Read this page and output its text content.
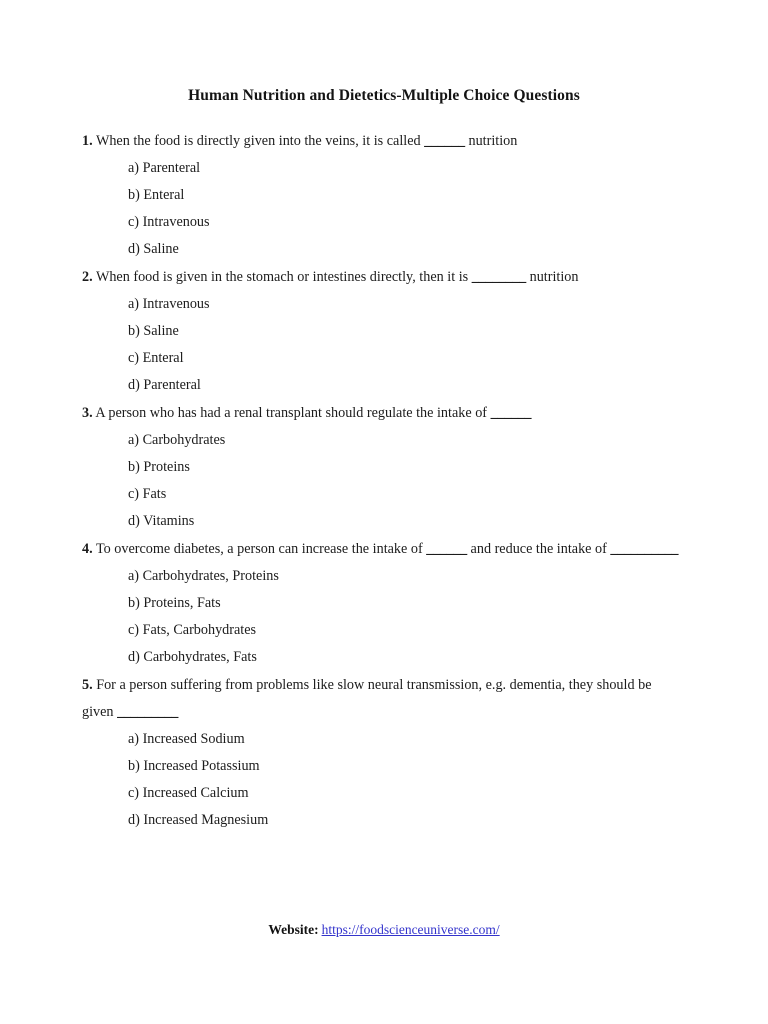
Human Nutrition and Dietetics-Multiple Choice Questions

1. When the food is directly given into the veins, it is called ______ nutrition

a) Parenteral
b) Enteral
c) Intravenous
d) Saline

2. When food is given in the stomach or intestines directly, then it is ________ nutrition

a) Intravenous
b) Saline
c) Enteral
d) Parenteral

3. A person who has had a renal transplant should regulate the intake of ______

a) Carbohydrates
b) Proteins
c) Fats
d) Vitamins

4. To overcome diabetes, a person can increase the intake of ______ and reduce the intake of __________

a) Carbohydrates, Proteins
b) Proteins, Fats
c) Fats, Carbohydrates
d) Carbohydrates, Fats

5. For a person suffering from problems like slow neural transmission, e.g. dementia, they should be given _________

a) Increased Sodium
b) Increased Potassium
c) Increased Calcium
d) Increased Magnesium
Website: https://foodscienceuniverse.com/
